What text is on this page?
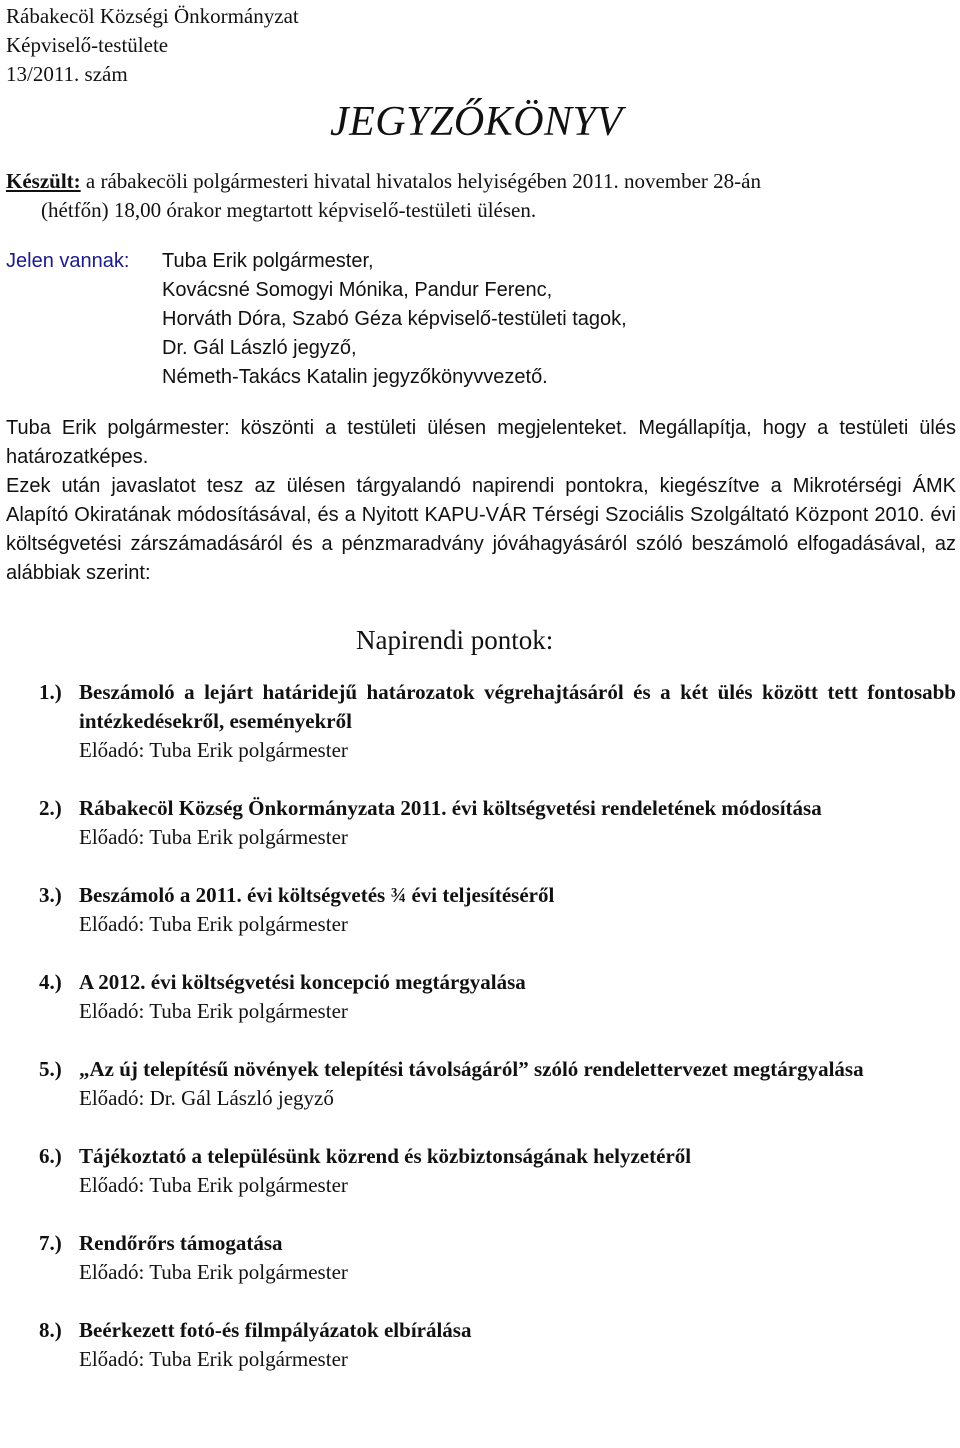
Rábakecöl Községi Önkormányzat
Képviselő-testülete
13/2011. szám
JEGYZŐKÖNYV
Készült: a rábakecöli polgármesteri hivatal hivatalos helyiségében 2011. november 28-án
(hétfőn) 18,00 órakor megtartott képviselő-testületi ülésen.
Jelen vannak:	Tuba Erik polgármester,
Kovácsné Somogyi Mónika, Pandur Ferenc,
Horváth Dóra, Szabó Géza képviselő-testületi tagok,
Dr. Gál László jegyző,
Németh-Takács Katalin jegyzőkönyvvezető.
Tuba Erik polgármester: köszönti a testületi ülésen megjelenteket. Megállapítja, hogy a testületi ülés határozatképes.
Ezek után javaslatot tesz az ülésen tárgyalandó napirendi pontokra, kiegészítve a Mikrotérségi ÁMK Alapító Okiratának módosításával, és a Nyitott KAPU-VÁR Térségi Szociális Szolgáltató Központ 2010. évi költségvetési zárszámadásáról és a pénzmaradvány jóváhagyásáról szóló beszámoló elfogadásával, az alábbiak szerint:
Napirendi pontok:
1.) Beszámoló a lejárt határidejű határozatok végrehajtásáról és a két ülés között tett fontosabb intézkedésekről, eseményekről
Előadó: Tuba Erik polgármester
2.) Rábakecöl Község Önkormányzata 2011. évi költségvetési rendeletének módosítása
Előadó: Tuba Erik polgármester
3.) Beszámoló a 2011. évi költségvetés ¾ évi teljesítéséről
Előadó: Tuba Erik polgármester
4.) A 2012. évi költségvetési koncepció megtárgyalása
Előadó: Tuba Erik polgármester
5.) „Az új telepítésű növények telepítési távolságáról” szóló rendelettervezet megtárgyalása
Előadó: Dr. Gál László jegyző
6.) Tájékoztató a településünk közrend és közbiztonságának helyzetéről
Előadó: Tuba Erik polgármester
7.) Rendőrőrs támogatása
Előadó: Tuba Erik polgármester
8.) Beérkezett fotó-és filmpályázatok elbírálása
Előadó: Tuba Erik polgármester
